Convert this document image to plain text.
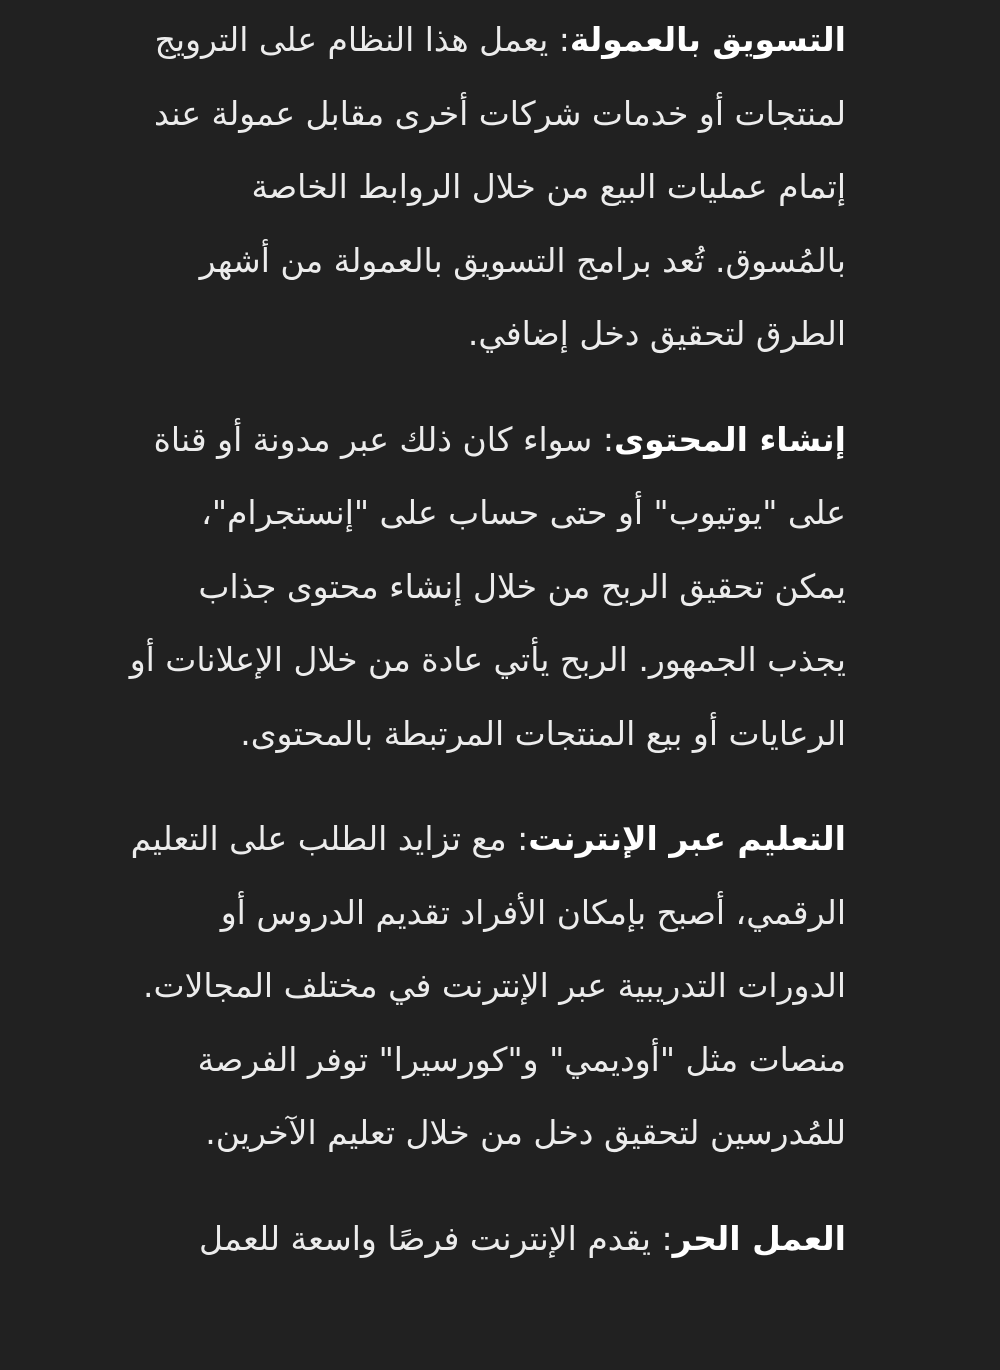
التسويق بالعمولة: يعمل هذا النظام على الترويج لمنتجات أو خدمات شركات أخرى مقابل عمولة عند إتمام عمليات البيع من خلال الروابط الخاصة بالمُسوق. تُعد برامج التسويق بالعمولة من أشهر الطرق لتحقيق دخل إضافي.

إنشاء المحتوى: سواء كان ذلك عبر مدونة أو قناة على "يوتيوب" أو حتى حساب على "إنستجرام"، يمكن تحقيق الربح من خلال إنشاء محتوى جذاب يجذب الجمهور. الربح يأتي عادة من خلال الإعلانات أو الرعايات أو بيع المنتجات المرتبطة بالمحتوى.

التعليم عبر الإنترنت: مع تزايد الطلب على التعليم الرقمي، أصبح بإمكان الأفراد تقديم الدروس أو الدورات التدريبية عبر الإنترنت في مختلف المجالات. منصات مثل "أوديمي" و"كورسيرا" توفر الفرصة للمُدرسين لتحقيق دخل من خلال تعليم الآخرين.

العمل الحر: يقدم الإنترنت فرصًا واسعة للعمل
